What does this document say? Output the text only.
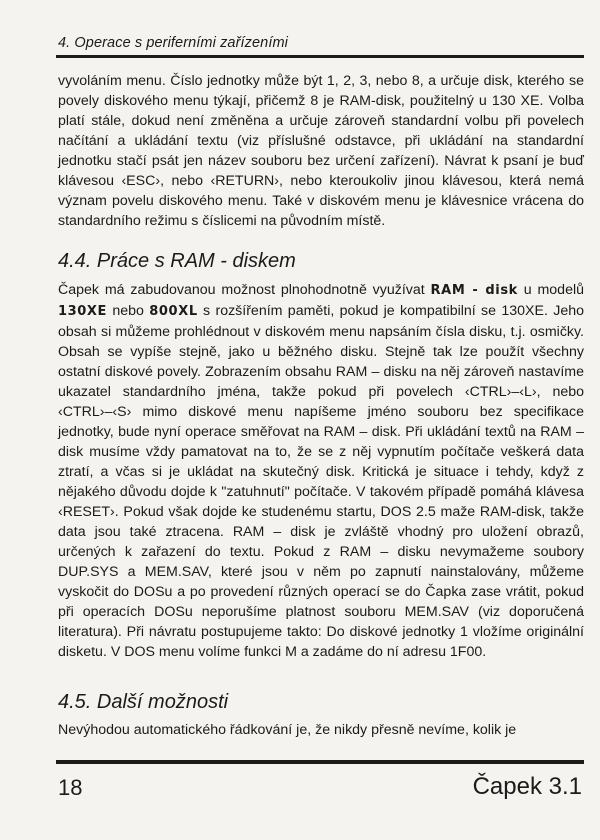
4. Operace s periferními zařízeními

vyvoláním menu. Číslo jednotky může být 1, 2, 3, nebo 8, a určuje disk, kterého se povely diskového menu týkají, přičemž 8 je RAM-disk, použitelný u 130 XE. Volba platí stále, dokud není změněna a určuje zároveň standardní volbu při povelech načítání a ukládání textu (viz příslušné odstavce, při ukládání na standardní jednotku stačí psát jen název souboru bez určení zařízení). Návrat k psaní je buď klávesou ‹ESC›, nebo ‹RETURN›, nebo kteroukoliv jinou klávesou, která nemá význam povelu diskového menu. Také v diskovém menu je klávesnice vrácena do standardního režimu s číslicemi na původním místě.

4.4. Práce s RAM - diskem

Čapek má zabudovanou možnost plnohodnotně využívat RAM - disk u modelů 130XE nebo 800XL s rozšířením paměti, pokud je kompatibilní se 130XE. Jeho obsah si můžeme prohlédnout v diskovém menu napsáním čísla disku, t.j. osmičky. Obsah se vypíše stejně, jako u běžného disku. Stejně tak lze použít všechny ostatní diskové povely. Zobrazením obsahu RAM – disku na něj zároveň nastavíme ukazatel standardního jména, takže pokud při povelech ‹CTRL›–‹L›, nebo ‹CTRL›–‹S› mimo diskové menu napíšeme jméno souboru bez specifikace jednotky, bude nyní operace směřovat na RAM – disk. Při ukládání textů na RAM – disk musíme vždy pamatovat na to, že se z něj vypnutím počítače veškerá data ztratí, a včas si je ukládat na skutečný disk. Kritická je situace i tehdy, když z nějakého důvodu dojde k "zatuhnutí" počítače. V takovém případě pomáhá klávesa ‹RESET›. Pokud však dojde ke studenému startu, DOS 2.5 maže RAM-disk, takže data jsou také ztracena. RAM – disk je zvláště vhodný pro uložení obrazů, určených k zařazení do textu. Pokud z RAM – disku nevymažeme soubory DUP.SYS a MEM.SAV, které jsou v něm po zapnutí nainstalovány, můžeme vyskočit do DOSu a po provedení různých operací se do Čapka zase vrátit, pokud při operacích DOSu neporušíme platnost souboru MEM.SAV (viz doporučená literatura). Při návratu postupujeme takto: Do diskové jednotky 1 vložíme originální disketu. V DOS menu volíme funkci M a zadáme do ní adresu 1F00.

4.5. Další možnosti

Nevýhodou automatického řádkování je, že nikdy přesně nevíme, kolik je

18	Čapek 3.1
